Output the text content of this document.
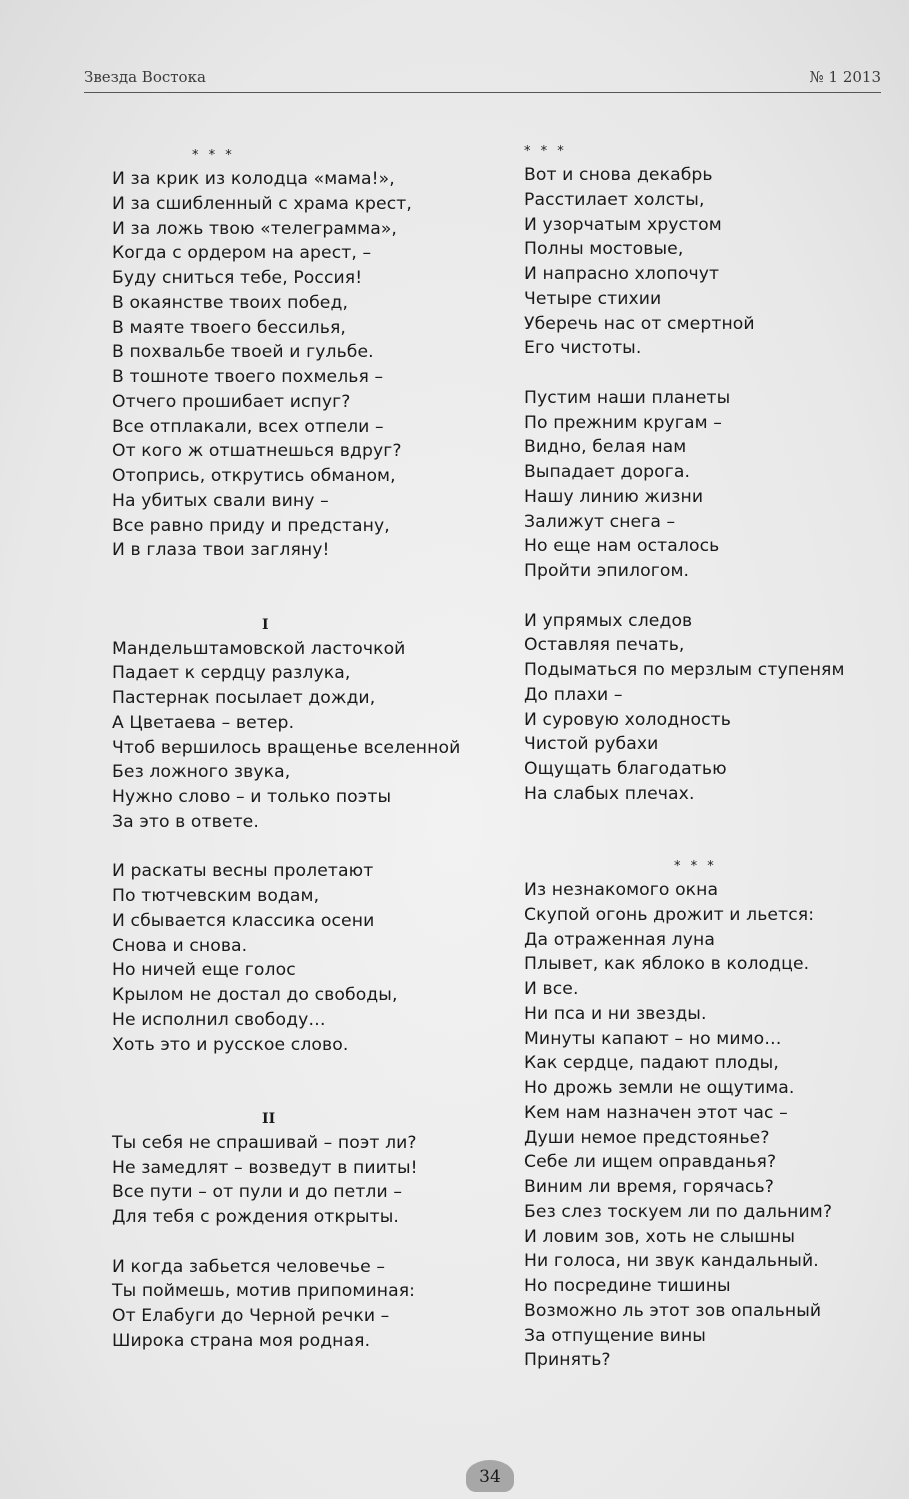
Звезда Востока	№ 1 2013
* * *
И за крик из колодца «мама!»,
И за сшибленный с храма крест,
И за ложь твою «телеграмма»,
Когда с ордером на арест, –
Буду сниться тебе, Россия!
В окаянстве твоих побед,
В маяте твоего бессилья,
В похвальбе твоей и гульбе.
В тошноте твоего похмелья –
Отчего прошибает испуг?
Все отплакали, всех отпели –
От кого ж отшатнешься вдруг?
Отопрись, открутись обманом,
На убитых свали вину –
Все равно приду и предстану,
И в глаза твои загляну!
I
Мандельштамовской ласточкой
Падает к сердцу разлука,
Пастернак посылает дожди,
А Цветаева – ветер.
Чтоб вершилось вращенье вселенной
Без ложного звука,
Нужно слово – и только поэты
За это в ответе.
И раскаты весны пролетают
По тютчевским водам,
И сбывается классика осени
Снова и снова.
Но ничей еще голос
Крылом не достал до свободы,
Не исполнил свободу…
Хоть это и русское слово.
II
Ты себя не спрашивай – поэт ли?
Не замедлят – возведут в пииты!
Все пути – от пули и до петли –
Для тебя с рождения открыты.
И когда забьется человечье –
Ты поймешь, мотив припоминая:
От Елабуги до Черной речки –
Широка страна моя родная.
* * *
Вот и снова декабрь
Расстилает холсты,
И узорчатым хрустом
Полны мостовые,
И напрасно хлопочут
Четыре стихии
Уберечь нас от смертной
Его чистоты.
Пустим наши планеты
По прежним кругам –
Видно, белая нам
Выпадает дорога.
Нашу линию жизни
Залижут снега –
Но еще нам осталось
Пройти эпилогом.
И упрямых следов
Оставляя печать,
Подыматься по мерзлым ступеням
До плахи –
И суровую холодность
Чистой рубахи
Ощущать благодатью
На слабых плечах.
* * *
Из незнакомого окна
Скупой огонь дрожит и льется:
Да отраженная луна
Плывет, как яблоко в колодце.
И все.
Ни пса и ни звезды.
Минуты капают – но мимо…
Как сердце, падают плоды,
Но дрожь земли не ощутима.
Кем нам назначен этот час –
Души немое предстоянье?
Себе ли ищем оправданья?
Виним ли время, горячась?
Без слез тоскуем ли по дальним?
И ловим зов, хоть не слышны
Ни голоса, ни звук кандальный.
Но посредине тишины
Возможно ль этот зов опальный
За отпущение вины
Принять?
34
